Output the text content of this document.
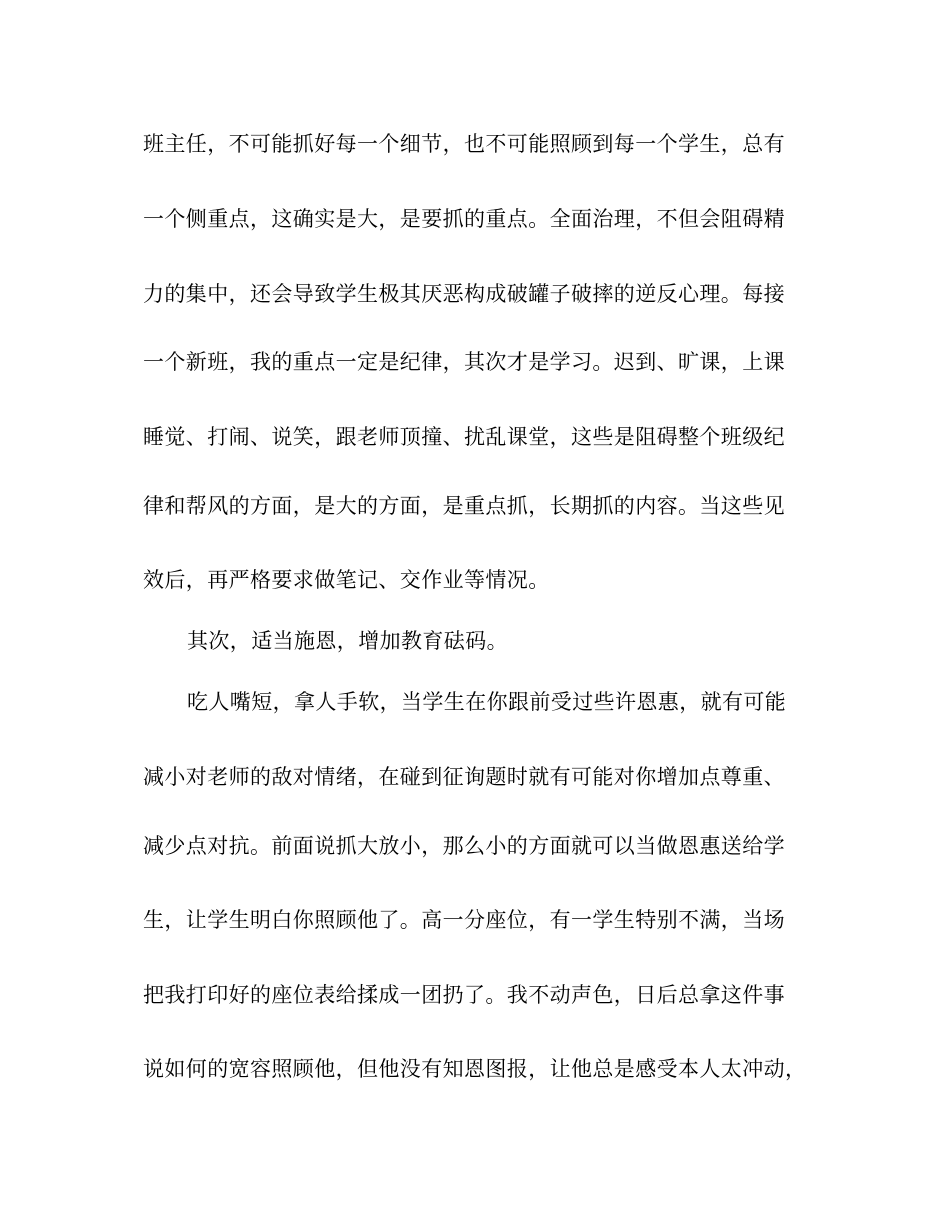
班主任，不可能抓好每一个细节，也不可能照顾到每一个学生，总有
一个侧重点，这确实是大，是要抓的重点。全面治理，不但会阻碍精
力的集中，还会导致学生极其厌恶构成破罐子破摔的逆反心理。每接
一个新班，我的重点一定是纪律，其次才是学习。迟到、旷课，上课
睡觉、打闹、说笑，跟老师顶撞、扰乱课堂，这些是阻碍整个班级纪
律和帮风的方面，是大的方面，是重点抓，长期抓的内容。当这些见
效后，再严格要求做笔记、交作业等情况。
其次，适当施恩，增加教育砝码。
吃人嘴短，拿人手软，当学生在你跟前受过些许恩惠，就有可能
减小对老师的敌对情绪，在碰到征询题时就有可能对你增加点尊重、
减少点对抗。前面说抓大放小，那么小的方面就可以当做恩惠送给学
生，让学生明白你照顾他了。高一分座位，有一学生特别不满，当场
把我打印好的座位表给揉成一团扔了。我不动声色，日后总拿这件事
说如何的宽容照顾他，但他没有知恩图报，让他总是感受本人太冲动，
